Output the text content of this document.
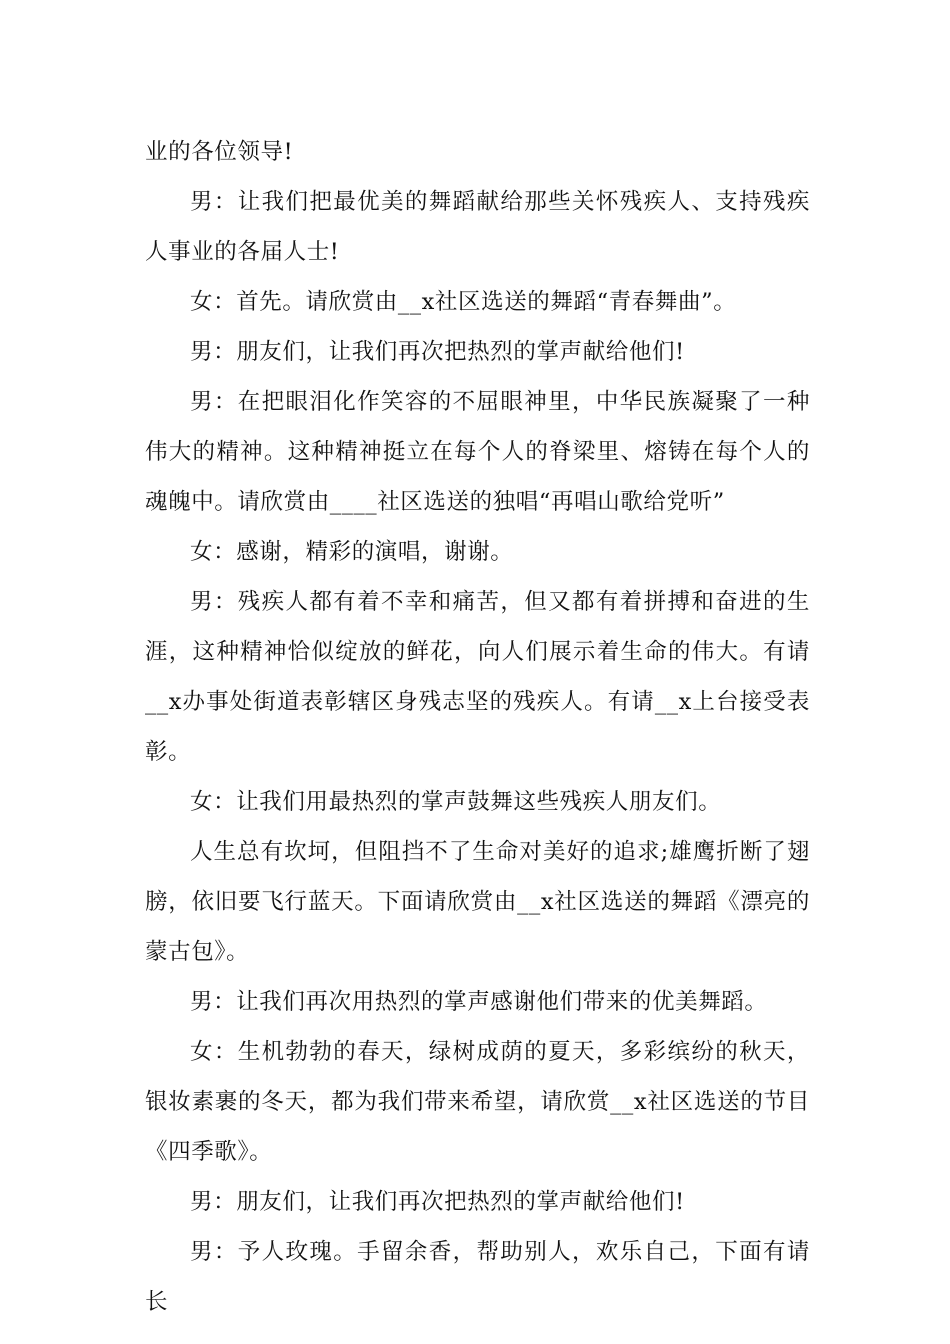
业的各位领导!

男：让我们把最优美的舞蹈献给那些关怀残疾人、支持残疾人事业的各届人士!

女：首先。请欣赏由__x社区选送的舞蹈“青春舞曲”。

男：朋友们，让我们再次把热烈的掌声献给他们!

男：在把眼泪化作笑容的不屈眼神里，中华民族凝聚了一种伟大的精神。这种精神挺立在每个人的脊梁里、熔铸在每个人的魂魄中。请欣赏由____社区选送的独唱“再唱山歌给党听”

女：感谢，精彩的演唱，谢谢。

男：残疾人都有着不幸和痛苦，但又都有着拼搏和奋进的生涯，这种精神恰似绽放的鲜花，向人们展示着生命的伟大。有请__x办事处街道表彰辖区身残志坚的残疾人。有请__x上台接受表彰。

女：让我们用最热烈的掌声鼓舞这些残疾人朋友们。

人生总有坎坷，但阻挡不了生命对美好的追求;雄鹰折断了翅膀，依旧要飞行蓝天。下面请欣赏由__x社区选送的舞蹈《漂亮的蒙古包》。

男：让我们再次用热烈的掌声感谢他们带来的优美舞蹈。

女：生机勃勃的春天，绿树成荫的夏天，多彩缤纷的秋天，银妆素裹的冬天，都为我们带来希望，请欣赏__x社区选送的节目《四季歌》。

男：朋友们，让我们再次把热烈的掌声献给他们!

男：予人玫瑰。手留余香，帮助别人，欢乐自己，下面有请长
